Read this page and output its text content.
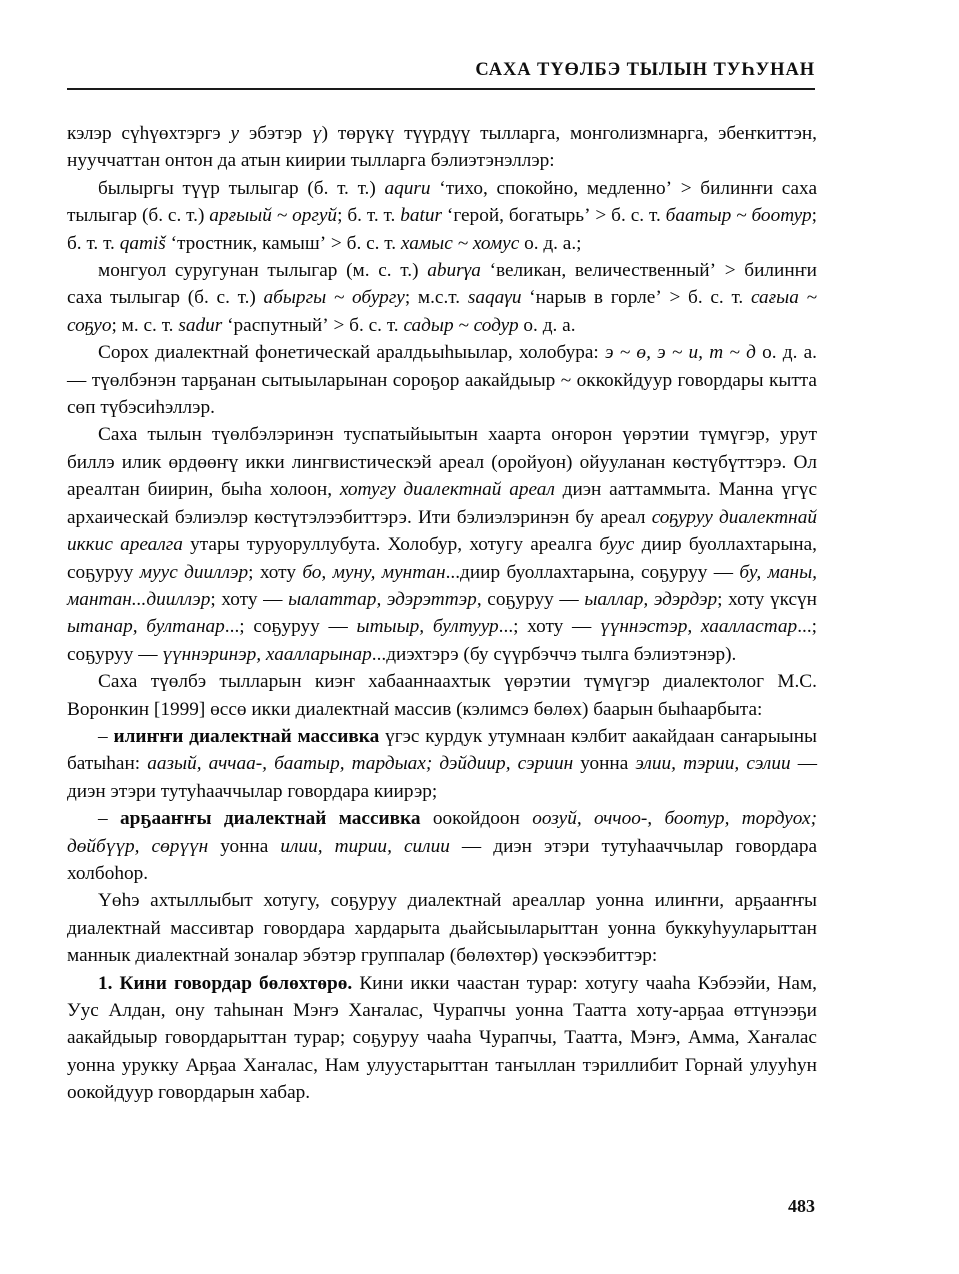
САХА ТҮӨЛБЭ ТЫЛЫН ТУҺУНАН

кэлэр сүһүөхтэргэ у эбэтэр ү) төрүкү түүрдүү тылларга, монголизмнарга, эбеҥкиттэн, нууччаттан онтон да атын киирии тылларга бэлиэтэнэллэр:

былыргы түүр тылыгар (б. т. т.) aquru ʻтихо, спокойно, медленноʼ > билинҥи саха тылыгар (б. с. т.) арғыый ~ оргуй; б. т. т. batur ʻгерой, богатырьʼ > б. с. т. баатыр ~ боотур; б. т. т. qamiš ʻтростник, камышʼ > б. с. т. хамыс ~ хомус о. д. а.;

монгуол суругунан тылыгар (м. с. т.) aburγa ʻвеликан, величественныйʼ > билинҥи саха тылыгар (б. с. т.) абыргы ~ обургу; м.с.т. saqaγu ʻнарыв в горлеʼ > б. с. т. сағыа ~ соҕуо; м. с. т. sadur ʻраспутныйʼ > б. с. т. садыр ~ содур о. д. а.

Сорох диалектнай фонетическай аралдьыһыылар, холобура: э ~ ө, э ~ и, т ~ д о. д. а. — түөлбэнэн тарҕанан сытыыларынан сороҕор аакайдыыр ~ оккокйдуур говордары кытта сөп түбэсиһэллэр.

Саха тылын түөлбэлэринэн туспатыйыытын хаарта оҥорон үөрэтии түмүгэр, урут биллэ илик өрдөөҥү икки лингвистическэй ареал (оройуон) ойууланан көстүбүттэрэ. Ол ареалтан биирин, быһа холоон, хотугу диалектнай ареал диэн ааттаммыта. Манна үгүс архаическай бэлиэлэр көстүтэлээбиттэрэ. Ити бэлиэлэринэн бу ареал соҕуруу диалектнай иккис ареалга утары туруоруллубута. Холобур, хотугу ареалга буус диир буоллахтарына, соҕуруу муус дииллэр; хоту бо, муну, мунтан...диир буоллахтарына, соҕуруу — бу, маны, мантан...дииллэр; хоту — ыалаттар, эдэрэттэр, соҕуруу — ыаллар, эдэрдэр; хоту үксүн ытанар, бултанар...; соҕуруу — ытыыр, бултуур...; хоту — үүннэстэр, хаалластар...; соҕуруу — үүннэринэр, хаалларынар...диэхтэрэ (бу сүүрбэччэ тылга бэлиэтэнэр).

Саха түөлбэ тылларын киэҥ хабааннаахтык үөрэтии түмүгэр диалектолог М.С. Воронкин [1999] өссө икки диалектнай массив (кэлимсэ бөлөх) баарын быһаарбыта:

– илиҥҥи диалектнай массивка үгэс курдук утумнаан кэлбит аакайдаан саҥарыыны батыһан: аазый, аччаа-, баатыр, тардыах; дэйдиир, сэриин уонна элии, тэрии, сэлии — диэн этэри тутуһааччылар говордара киирэр;

– арҕааҥҥы диалектнай массивка оокойдоон оозуй, оччоо-, боотур, тордуох; дөйбүүр, сөрүүн уонна илии, тирии, силии — диэн этэри тутуһааччылар говордара холбоһор.

Үөһэ ахтыллыбыт хотугу, соҕуруу диалектнай ареаллар уонна илиҥҥи, арҕааҥҥы диалектнай массивтар говордара хардарыта дьайсыыларыттан уонна буккуһууларыттан маннык диалектнай зоналар эбэтэр группалар (бөлөхтөр) үөскээбиттэр:

1. Кини говордар бөлөхтөрө. Кини икки чаастан турар: хотугу чааһа Кэбээйи, Нам, Уус Алдан, ону таһынан Мэҥэ Хаҥалас, Чурапчы уонна Таатта хоту-арҕаа өттүнээҕи аакайдыыр говордарыттан турар; соҕуруу чааһа Чурапчы, Таатта, Мэҥэ, Амма, Хаҥалас уонна урукку Арҕаа Хаҥалас, Нам улуустарыттан таҥыллан тэриллибит Горнай улууһун оокойдуур говордарын хабар.

483
